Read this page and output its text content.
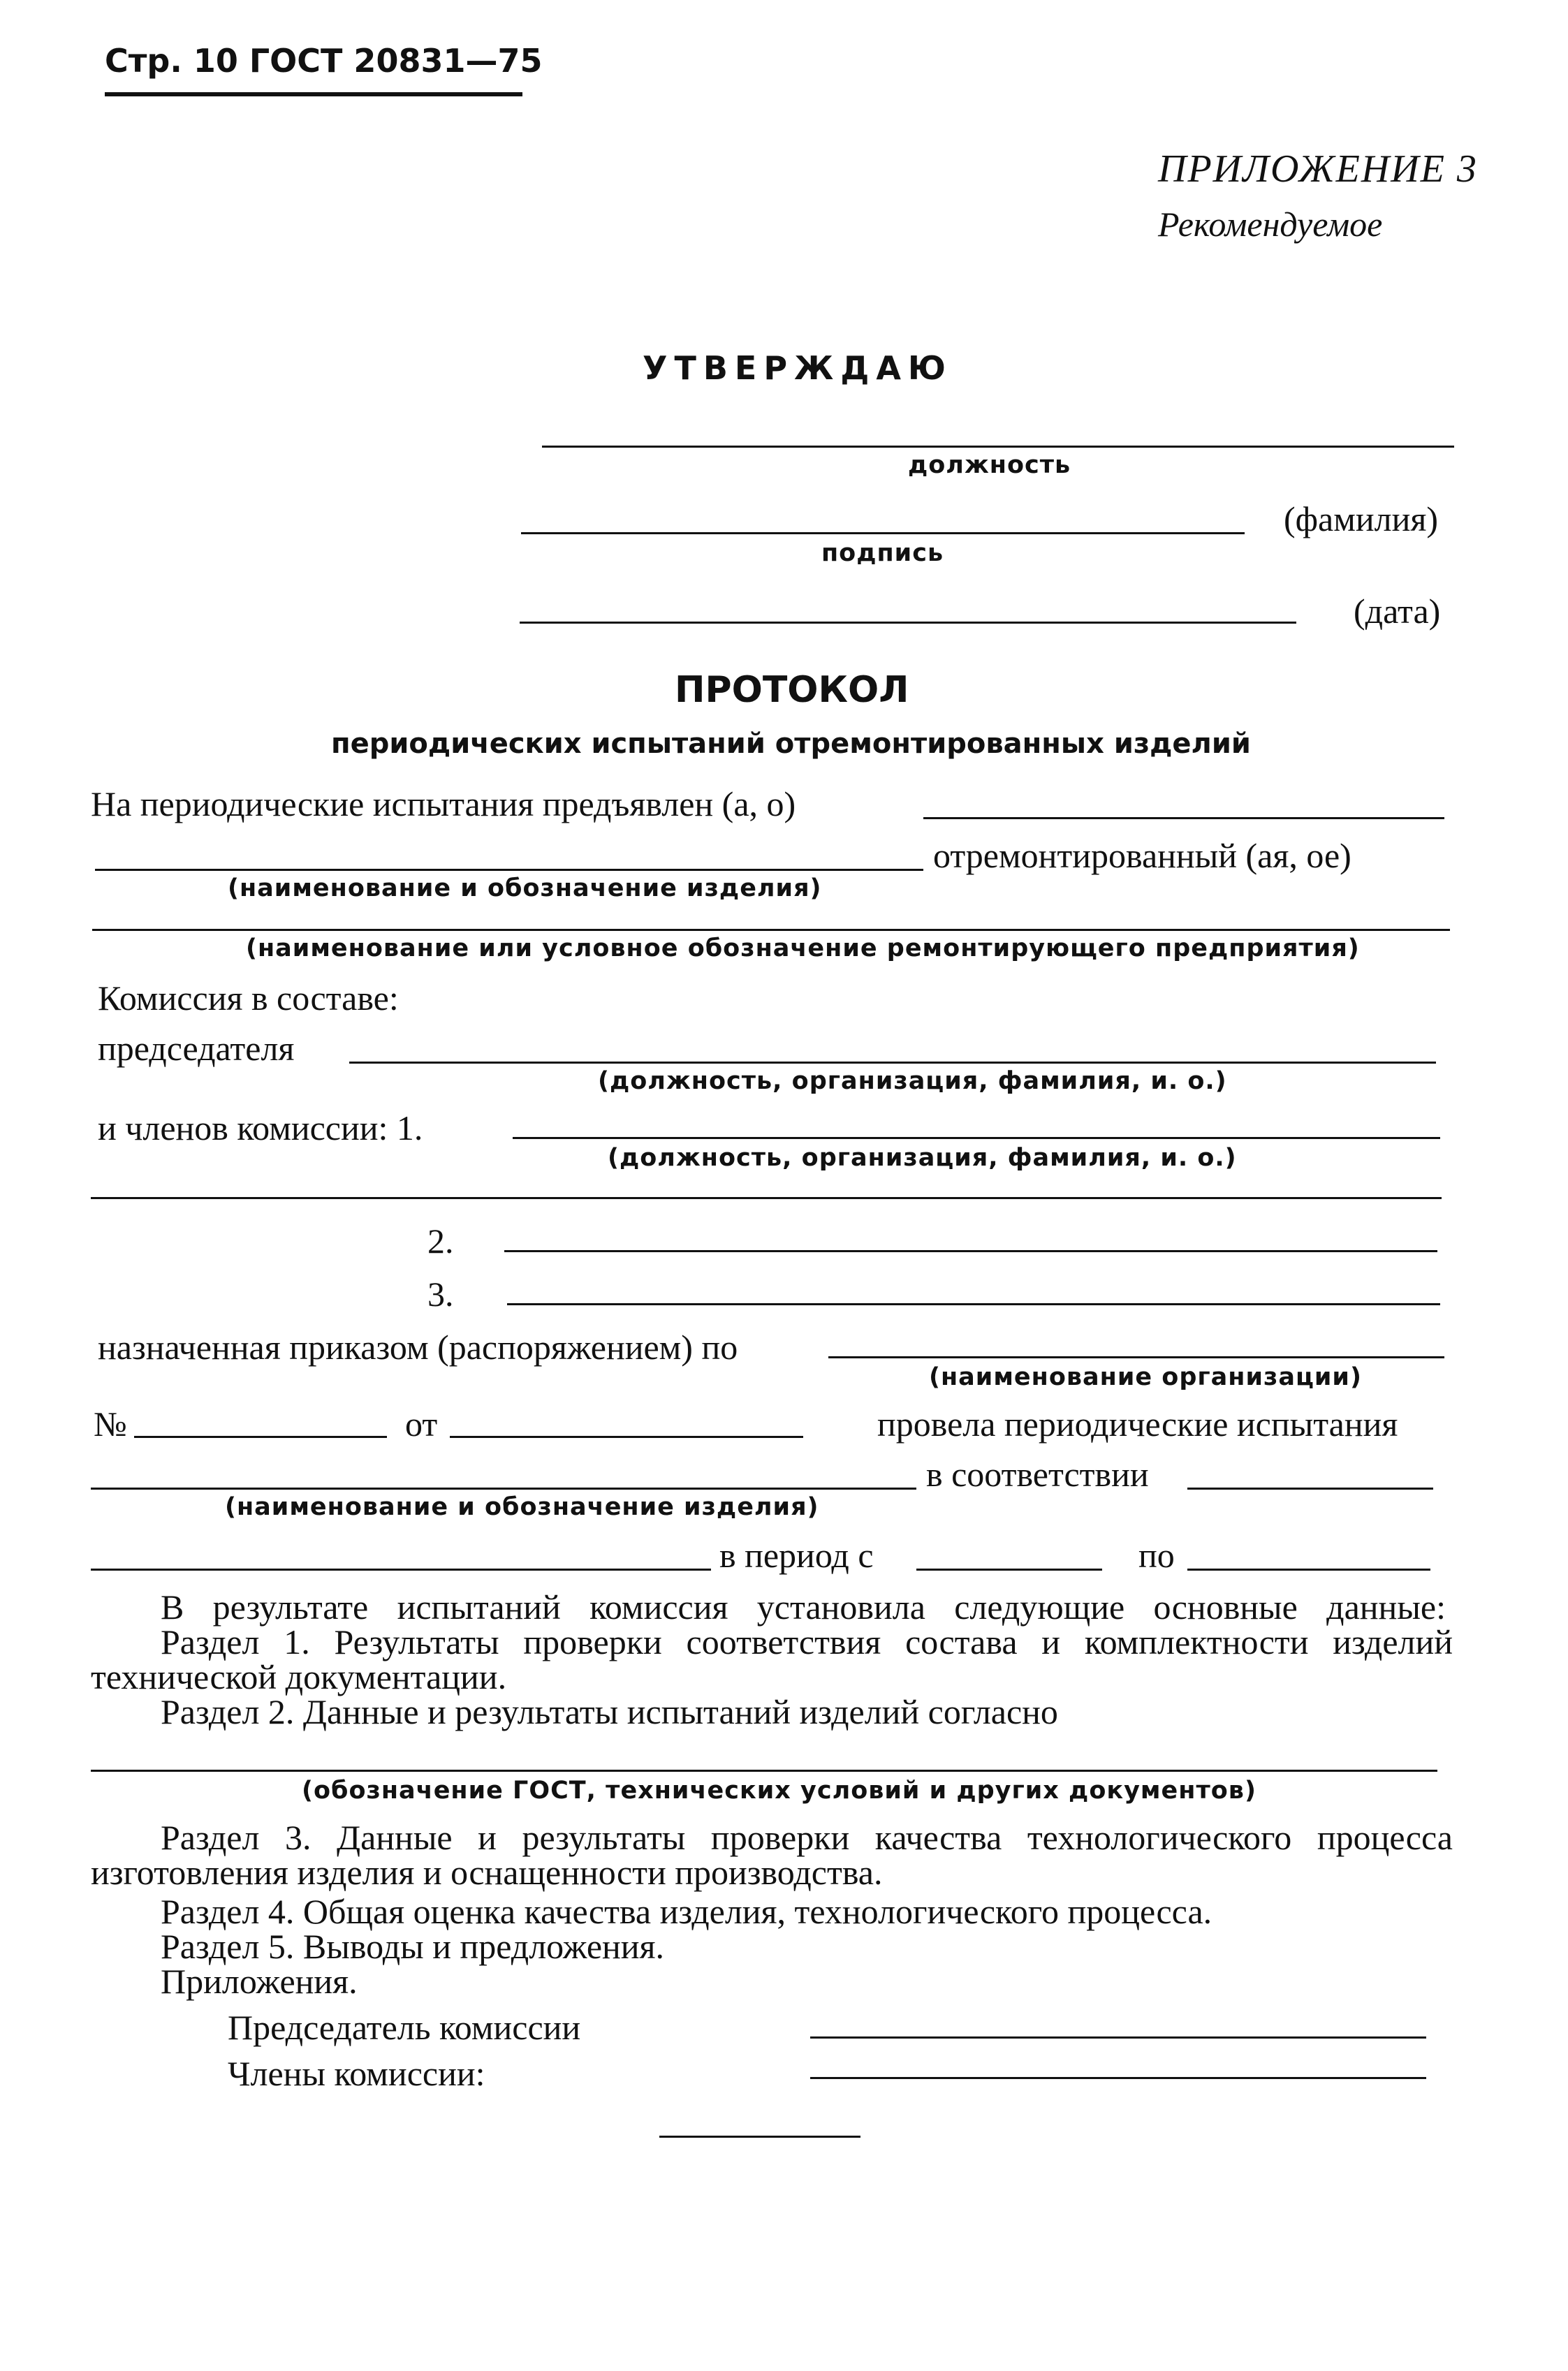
Стр. 10 ГОСТ 20831—75
ПРИЛОЖЕНИЕ 3
Рекомендуемое
УТВЕРЖДАЮ
должность
(фамилия)
подпись
(дата)
ПРОТОКОЛ
периодических испытаний отремонтированных изделий
На периодические испытания предъявлен (а, о)
отремонтированный (ая, ое)
(наименование и обозначение изделия)
(наименование или условное обозначение ремонтирующего предприятия)
Комиссия в составе:
председателя
(должность, организация, фамилия, и. о.)
и членов комиссии: 1.
(должность, организация, фамилия, и. о.)
2.
3.
назначенная приказом (распоряжением) по
(наименование организации)
№	от	провела периодические испытания
в соответствии
(наименование и обозначение изделия)
в период с	по
В результате испытаний комиссия установила следующие основные данные:
Раздел 1. Результаты проверки соответствия состава и комплектности изделий технической документации.
Раздел 2. Данные и результаты испытаний изделий согласно
(обозначение ГОСТ, технических условий и других документов)
Раздел 3. Данные и результаты проверки качества технологического процесса изготовления изделия и оснащенности производства.
Раздел 4. Общая оценка качества изделия, технологического процесса.
Раздел 5. Выводы и предложения.
Приложения.
Председатель комиссии
Члены комиссии:
